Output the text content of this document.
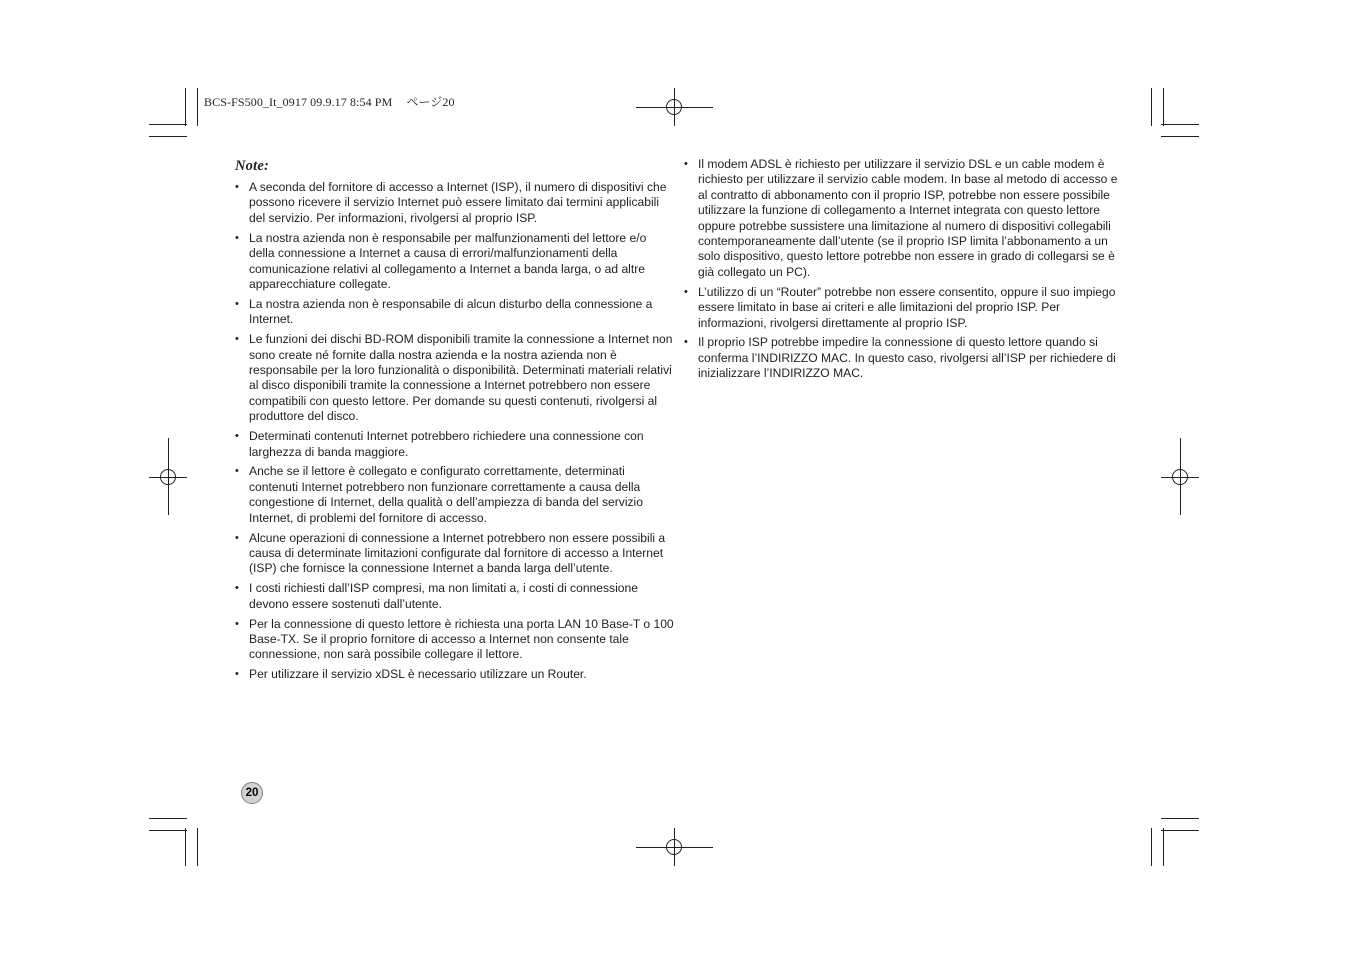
BCS-FS500_It_0917 09.9.17 8:54 PM ページ20
Note:
• A seconda del fornitore di accesso a Internet (ISP), il numero di dispositivi che possono ricevere il servizio Internet può essere limitato dai termini applicabili del servizio. Per informazioni, rivolgersi al proprio ISP.
• La nostra azienda non è responsabile per malfunzionamenti del lettore e/o della connessione a Internet a causa di errori/malfunzionamenti della comunicazione relativi al collegamento a Internet a banda larga, o ad altre apparecchiature collegate.
• La nostra azienda non è responsabile di alcun disturbo della connessione a Internet.
• Le funzioni dei dischi BD-ROM disponibili tramite la connessione a Internet non sono create né fornite dalla nostra azienda e la nostra azienda non è responsabile per la loro funzionalità o disponibilità. Determinati materiali relativi al disco disponibili tramite la connessione a Internet potrebbero non essere compatibili con questo lettore. Per domande su questi contenuti, rivolgersi al produttore del disco.
• Determinati contenuti Internet potrebbero richiedere una connessione con larghezza di banda maggiore.
• Anche se il lettore è collegato e configurato correttamente, determinati contenuti Internet potrebbero non funzionare correttamente a causa della congestione di Internet, della qualità o dell’ampiezza di banda del servizio Internet, di problemi del fornitore di accesso.
• Alcune operazioni di connessione a Internet potrebbero non essere possibili a causa di determinate limitazioni configurate dal fornitore di accesso a Internet (ISP) che fornisce la connessione Internet a banda larga dell’utente.
• I costi richiesti dall’ISP compresi, ma non limitati a, i costi di connessione devono essere sostenuti dall’utente.
• Per la connessione di questo lettore è richiesta una porta LAN 10 Base-T o 100 Base-TX. Se il proprio fornitore di accesso a Internet non consente tale connessione, non sarà possibile collegare il lettore.
• Per utilizzare il servizio xDSL è necessario utilizzare un Router.
• Il modem ADSL è richiesto per utilizzare il servizio DSL e un cable modem è richiesto per utilizzare il servizio cable modem. In base al metodo di accesso e al contratto di abbonamento con il proprio ISP, potrebbe non essere possibile utilizzare la funzione di collegamento a Internet integrata con questo lettore oppure potrebbe sussistere una limitazione al numero di dispositivi collegabili contemporaneamente dall’utente (se il proprio ISP limita l’abbonamento a un solo dispositivo, questo lettore potrebbe non essere in grado di collegarsi se è già collegato un PC).
• L’utilizzo di un “Router” potrebbe non essere consentito, oppure il suo impiego essere limitato in base ai criteri e alle limitazioni del proprio ISP. Per informazioni, rivolgersi direttamente al proprio ISP.
• Il proprio ISP potrebbe impedire la connessione di questo lettore quando si conferma l’INDIRIZZO MAC. In questo caso, rivolgersi all’ISP per richiedere di inizializzare l’INDIRIZZO MAC.
20
